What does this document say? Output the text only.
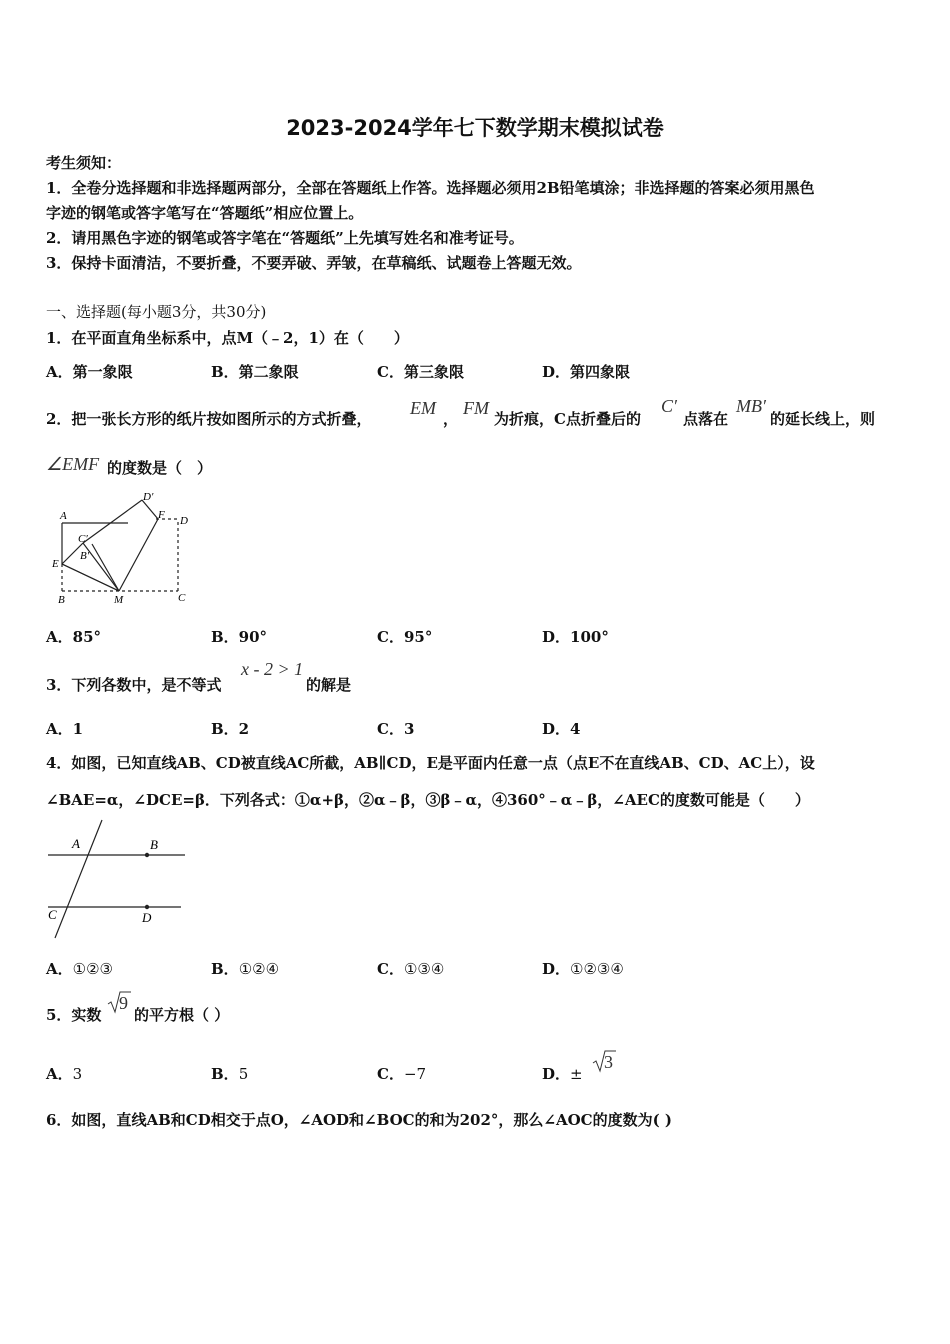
2023-2024学年七下数学期末模拟试卷
考生须知：
1．全卷分选择题和非选择题两部分，全部在答题纸上作答。选择题必须用2B铅笔填涂；非选择题的答案必须用黑色
字迹的钢笔或答字笔写在“答题纸”相应位置上。
2．请用黑色字迹的钢笔或答字笔在“答题纸”上先填写姓名和准考证号。
3．保持卡面清洁，不要折叠，不要弄破、弄皱，在草稿纸、试题卷上答题无效。
一、选择题(每小题3分，共30分)
1．在平面直角坐标系中，点M（﹣2，1）在（　　）
A．第一象限	B．第二象限	C．第三象限	D．第四象限
2．把一张长方形的纸片按如图所示的方式折叠，
EM
，
FM
为折痕，C点折叠后的
C′
点落在
MB′
的延长线上，则
∠EMF 的度数是（　）
A
D′
F D
C′
B′
E
B	M	C
A．85°	B．90°	C．95°	D．100°
3．下列各数中，是不等式
x - 2 > 1
的解是
A．1	B．2	C．3	D．4
4．如图，已知直线AB、CD被直线AC所截，AB∥CD，E是平面内任意一点（点E不在直线AB、CD、AC上），设
∠BAE=α，∠DCE=β．下列各式：①α+β，②α﹣β，③β﹣α，④360°﹣α﹣β，∠AEC的度数可能是（　　）
A	B
C	D
A．①②③	B．①②④	C．①③④	D．①②③④
5．实数
9
的平方根（ ）
A．3	B．5	C．−7	D．±
3
6．如图，直线AB和CD相交于点O，∠AOD和∠BOC的和为202°，那么∠AOC的度数为( )
